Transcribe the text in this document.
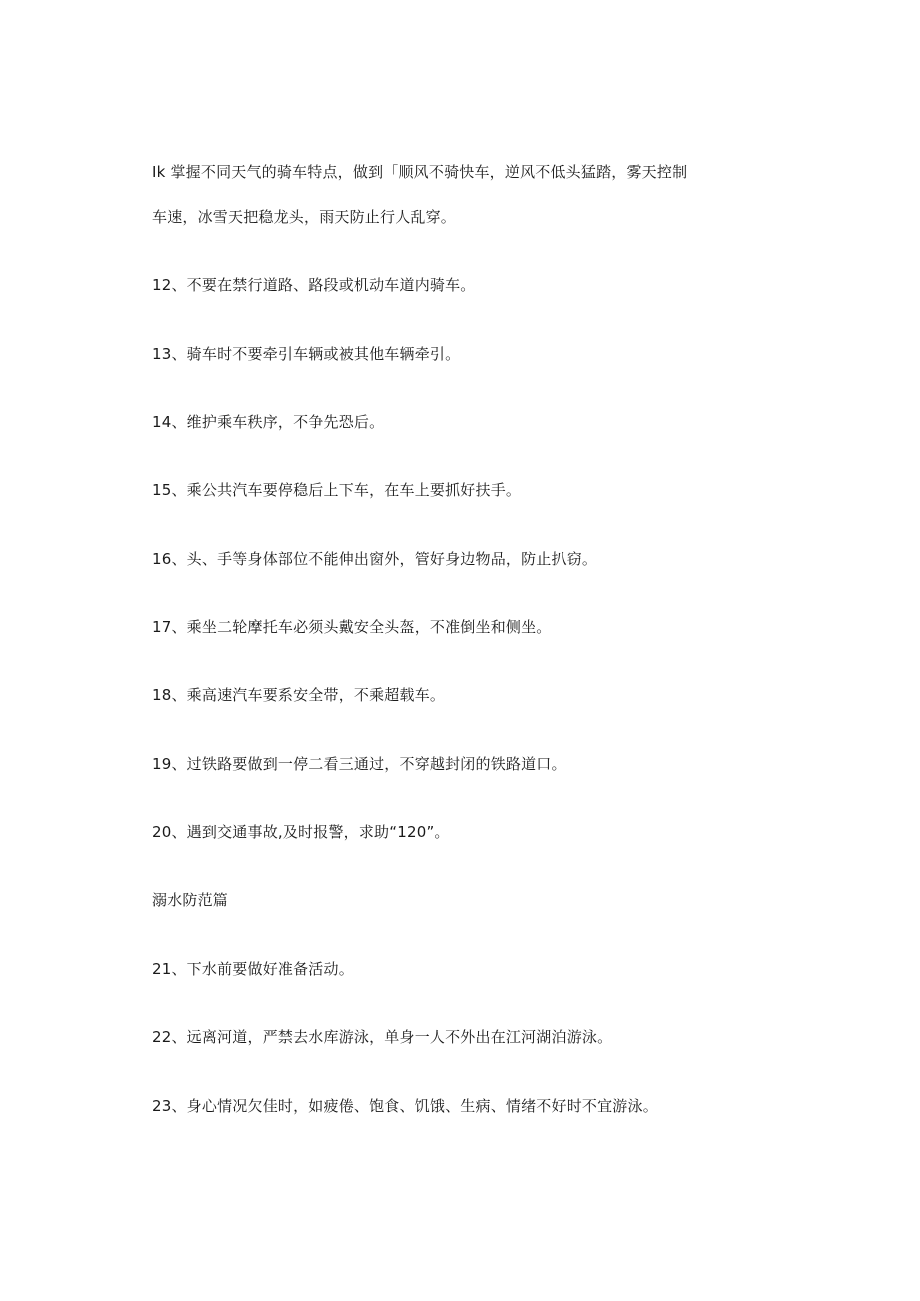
Ik 掌握不同天气的骑车特点，做到「顺风不骑快车，逆风不低头猛踏，雾天控制
车速，冰雪天把稳龙头，雨天防止行人乱穿。
12、不要在禁行道路、路段或机动车道内骑车。
13、骑车时不要牵引车辆或被其他车辆牵引。
14、维护乘车秩序，不争先恐后。
15、乘公共汽车要停稳后上下车，在车上要抓好扶手。
16、头、手等身体部位不能伸出窗外，管好身边物品，防止扒窃。
17、乘坐二轮摩托车必须头戴安全头盔，不准倒坐和侧坐。
18、乘高速汽车要系安全带，不乘超载车。
19、过铁路要做到一停二看三通过，不穿越封闭的铁路道口。
20、遇到交通事故,及时报警，求助“120”。
溺水防范篇
21、下水前要做好准备活动。
22、远离河道，严禁去水库游泳，单身一人不外出在江河湖泊游泳。
23、身心情况欠佳时，如疲倦、饱食、饥饿、生病、情绪不好时不宜游泳。
